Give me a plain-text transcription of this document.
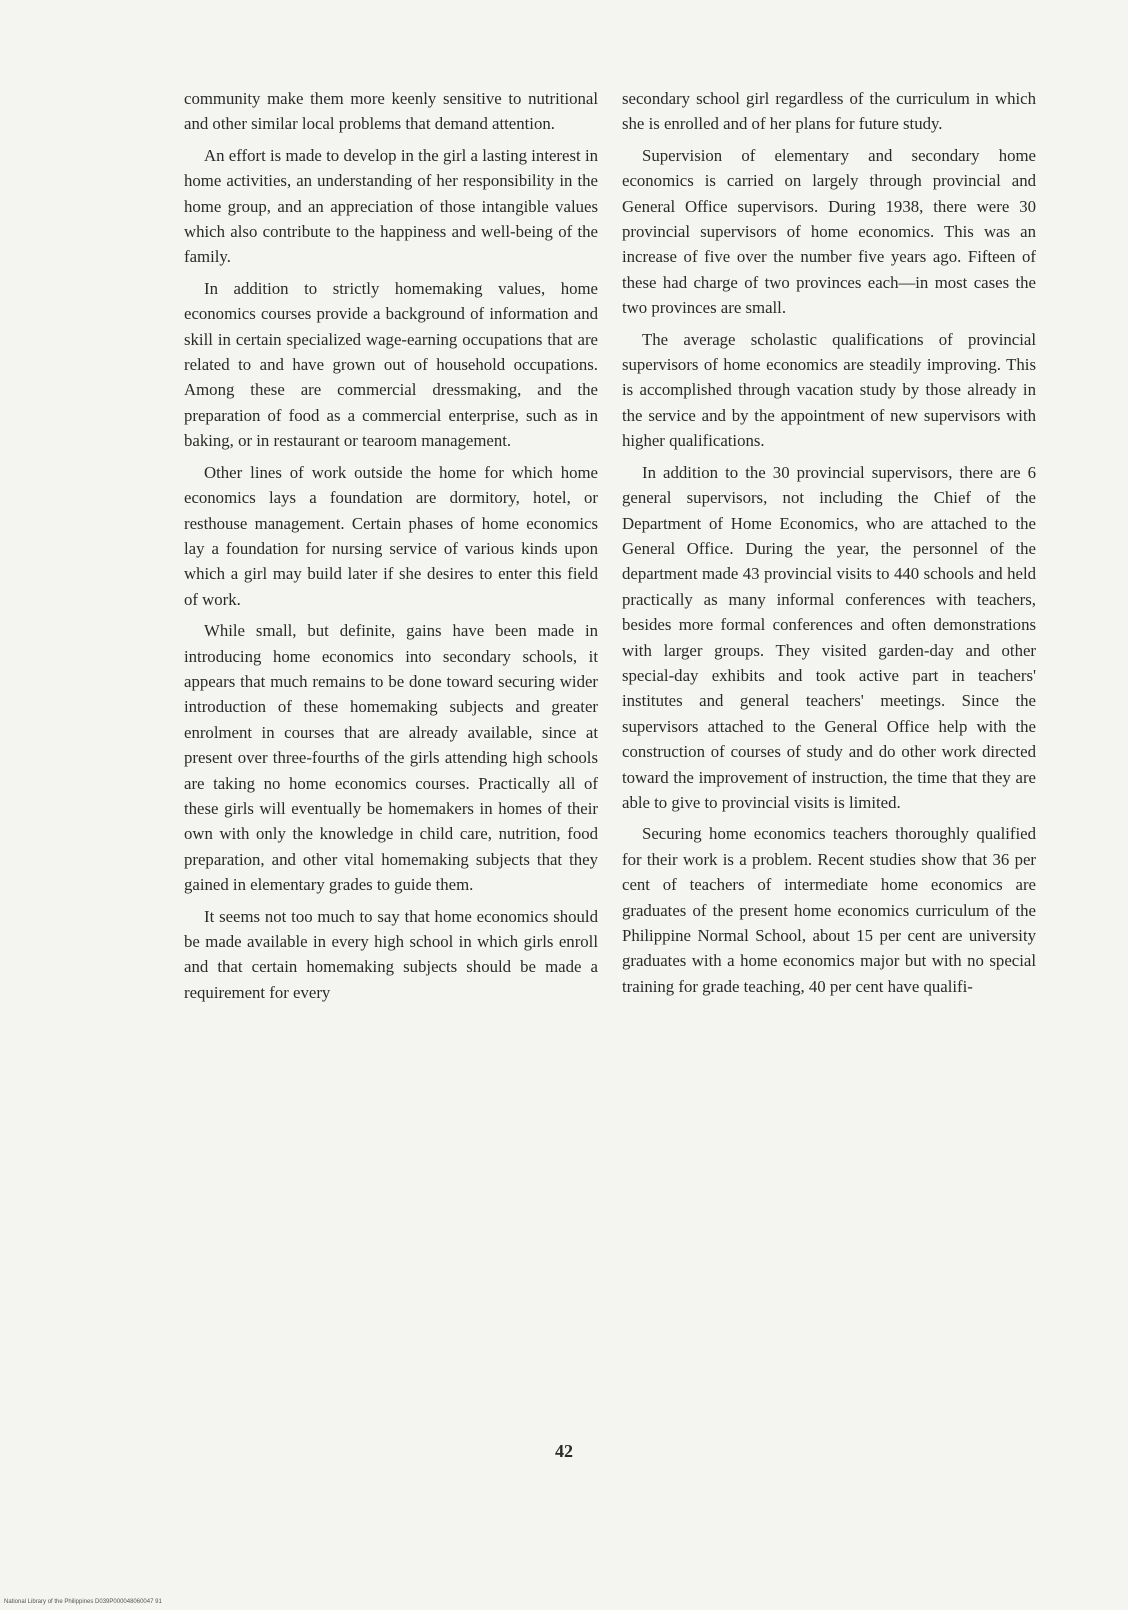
community make them more keenly sensitive to nutritional and other similar local problems that demand attention.

An effort is made to develop in the girl a lasting interest in home activities, an understanding of her responsibility in the home group, and an appreciation of those intangible values which also contribute to the happiness and well-being of the family.

In addition to strictly homemaking values, home economics courses provide a background of information and skill in certain specialized wage-earning occupations that are related to and have grown out of household occupations. Among these are commercial dressmaking, and the preparation of food as a commercial enterprise, such as in baking, or in restaurant or tearoom management.

Other lines of work outside the home for which home economics lays a foundation are dormitory, hotel, or resthouse management. Certain phases of home economics lay a foundation for nursing service of various kinds upon which a girl may build later if she desires to enter this field of work.

While small, but definite, gains have been made in introducing home economics into secondary schools, it appears that much remains to be done toward securing wider introduction of these homemaking subjects and greater enrolment in courses that are already available, since at present over three-fourths of the girls attending high schools are taking no home economics courses. Practically all of these girls will eventually be homemakers in homes of their own with only the knowledge in child care, nutrition, food preparation, and other vital homemaking subjects that they gained in elementary grades to guide them.

It seems not too much to say that home economics should be made available in every high school in which girls enroll and that certain homemaking subjects should be made a requirement for every

secondary school girl regardless of the curriculum in which she is enrolled and of her plans for future study.

Supervision of elementary and secondary home economics is carried on largely through provincial and General Office supervisors. During 1938, there were 30 provincial supervisors of home economics. This was an increase of five over the number five years ago. Fifteen of these had charge of two provinces each—in most cases the two provinces are small.

The average scholastic qualifications of provincial supervisors of home economics are steadily improving. This is accomplished through vacation study by those already in the service and by the appointment of new supervisors with higher qualifications.

In addition to the 30 provincial supervisors, there are 6 general supervisors, not including the Chief of the Department of Home Economics, who are attached to the General Office. During the year, the personnel of the department made 43 provincial visits to 440 schools and held practically as many informal conferences with teachers, besides more formal conferences and often demonstrations with larger groups. They visited garden-day and other special-day exhibits and took active part in teachers' institutes and general teachers' meetings. Since the supervisors attached to the General Office help with the construction of courses of study and do other work directed toward the improvement of instruction, the time that they are able to give to provincial visits is limited.

Securing home economics teachers thoroughly qualified for their work is a problem. Recent studies show that 36 per cent of teachers of intermediate home economics are graduates of the present home economics curriculum of the Philippine Normal School, about 15 per cent are university graduates with a home economics major but with no special training for grade teaching, 40 per cent have qualifi-

42
National Library of the Philippines D039P000048060047 91
